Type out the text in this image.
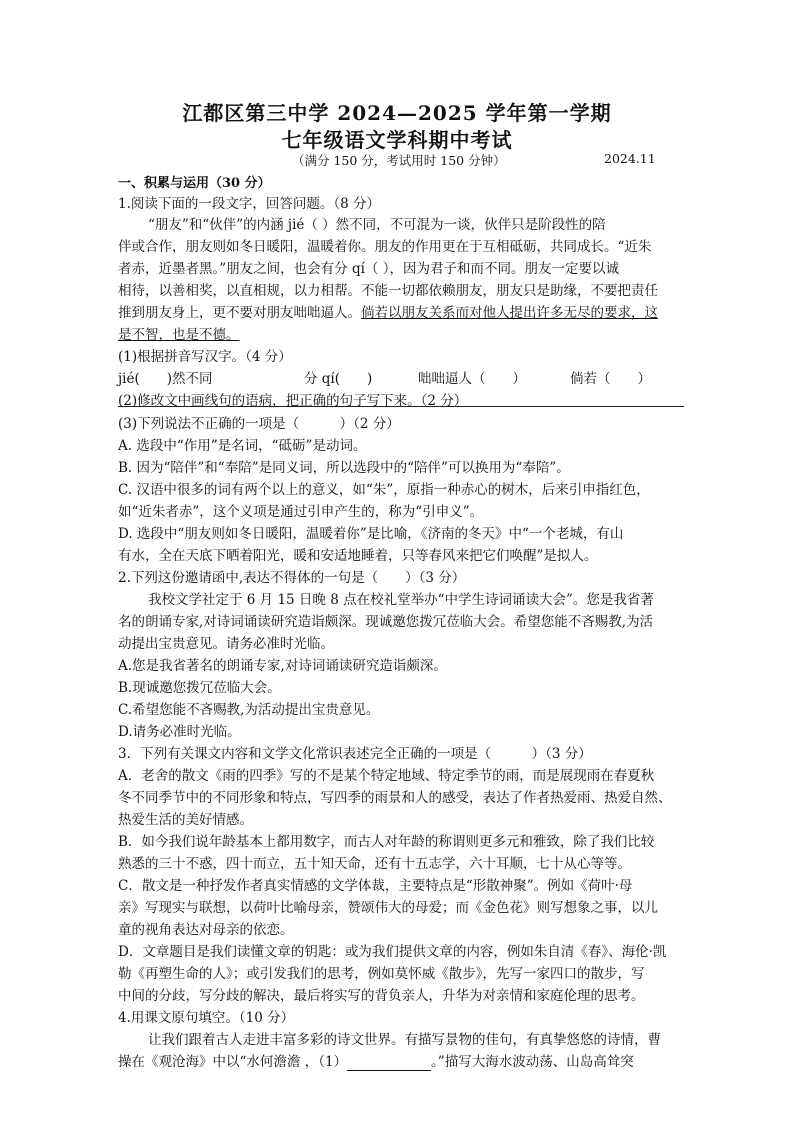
江都区第三中学 2024—2025 学年第一学期
七年级语文学科期中考试
（满分 150 分，考试用时 150 分钟）	2024.11
一、积累与运用（30 分）
1.阅读下面的一段文字，回答问题。（8 分）
“朋友”和“伙伴”的内涵 jié（ ）然不同，不可混为一谈，伙伴只是阶段性的陪
伴或合作，朋友则如冬日暖阳，温暖着你。朋友的作用更在于互相砥砺，共同成长。“近朱
者赤，近墨者黑。”朋友之间，也会有分 qí（ ），因为君子和而不同。朋友一定要以诚
相待，以善相奖，以直相规，以力相帮。不能一切都依赖朋友，朋友只是助缘，不要把责任
推到朋友身上，更不要对朋友咄咄逼人。倘若以朋友关系而对他人提出许多无尽的要求，这
是不智，也是不德。
(1)根据拼音写汉字。（4 分）
jié(　　)然不同	分 qí(　　)	咄咄逼人（　　）	倘若（　　）
(2)修改文中画线句的语病，把正确的句子写下来。（2 分）
(3)下列说法不正确的一项是（　　　）（2 分）
A. 选段中“作用”是名词，“砥砺”是动词。
B. 因为“陪伴”和“奉陪”是同义词，所以选段中的“陪伴”可以换用为“奉陪”。
C. 汉语中很多的词有两个以上的意义，如“朱”，原指一种赤心的树木，后来引申指红色，
如“近朱者赤”，这个义项是通过引申产生的，称为“引申义”。
D. 选段中“朋友则如冬日暖阳，温暖着你”是比喻，《济南的冬天》中“一个老城，有山
有水，全在天底下晒着阳光，暖和安适地睡着，只等春风来把它们唤醒”是拟人。
2.下列这份邀请函中,表达不得体的一句是（　　）（3 分）
我校文学社定于 6 月 15 日晚 8 点在校礼堂举办“中学生诗词诵读大会”。您是我省著
名的朗诵专家,对诗词诵读研究造诣颇深。现诚邀您拨冗莅临大会。希望您能不吝赐教,为活
动提出宝贵意见。请务必准时光临。
A.您是我省著名的朗诵专家,对诗词诵读研究造诣颇深。
B.现诚邀您拨冗莅临大会。
C.希望您能不吝赐教,为活动提出宝贵意见。
D.请务必准时光临。
3．下列有关课文内容和文学文化常识表述完全正确的一项是（　　　）（3 分）
A．老舍的散文《雨的四季》写的不是某个特定地域、特定季节的雨，而是展现雨在春夏秋
冬不同季节中的不同形象和特点，写四季的雨景和人的感受，表达了作者热爱雨、热爱自然、
热爱生活的美好情感。
B．如今我们说年龄基本上都用数字，而古人对年龄的称谓则更多元和雅致，除了我们比较
熟悉的三十不惑，四十而立，五十知天命，还有十五志学，六十耳顺，七十从心等等。
C．散文是一种抒发作者真实情感的文学体裁，主要特点是“形散神聚”。例如《荷叶·母
亲》写现实与联想，以荷叶比喻母亲，赞颂伟大的母爱；而《金色花》则写想象之事，以儿
童的视角表达对母亲的依恋。
D．文章题目是我们读懂文章的钥匙：或为我们提供文章的内容，例如朱自清《春》、海伦·凯
勒《再塑生命的人》；或引发我们的思考，例如莫怀威《散步》，先写一家四口的散步，写
中间的分歧，写分歧的解决，最后将实写的背负亲人，升华为对亲情和家庭伦理的思考。
4.用课文原句填空。（10 分）
让我们跟着古人走进丰富多彩的诗文世界。有描写景物的佳句，有真挚悠悠的诗情，曹
操在《观沧海》中以“水何澹澹 ，（1）	。”描写大海水波动荡、山岛高耸突
